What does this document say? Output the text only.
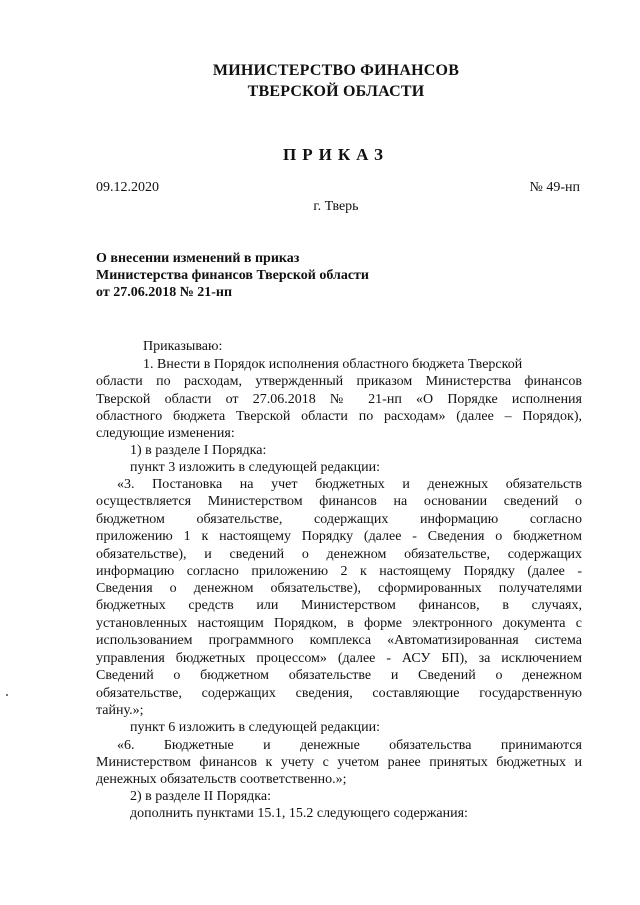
МИНИСТЕРСТВО ФИНАНСОВ
ТВЕРСКОЙ ОБЛАСТИ
ПРИКАЗ
09.12.2020	№ 49-нп
г. Тверь
О внесении изменений в приказ
Министерства финансов Тверской области
от 27.06.2018 № 21-нп
Приказываю:
1. Внести в Порядок исполнения областного бюджета Тверской
области по расходам, утвержденный приказом Министерства финансов
Тверской области от 27.06.2018 № 21-нп «О Порядке исполнения
областного бюджета Тверской области по расходам» (далее – Порядок),
следующие изменения:
1) в разделе I Порядка:
пункт 3 изложить в следующей редакции:
«3. Постановка на учет бюджетных и денежных обязательств
осуществляется Министерством финансов на основании сведений о
бюджетном обязательстве, содержащих информацию согласно
приложению 1 к настоящему Порядку (далее - Сведения о бюджетном
обязательстве), и сведений о денежном обязательстве, содержащих
информацию согласно приложению 2 к настоящему Порядку (далее -
Сведения о денежном обязательстве), сформированных получателями
бюджетных средств или Министерством финансов, в случаях,
установленных настоящим Порядком, в форме электронного документа с
использованием программного комплекса «Автоматизированная система
управления бюджетных процессом» (далее - АСУ БП), за исключением
Сведений о бюджетном обязательстве и Сведений о денежном
обязательстве, содержащих сведения, составляющие государственную
тайну.»;
пункт 6 изложить в следующей редакции:
«6. Бюджетные и денежные обязательства принимаются
Министерством финансов к учету с учетом ранее принятых бюджетных и
денежных обязательств соответственно.»;
2) в разделе II Порядка:
дополнить пунктами 15.1, 15.2 следующего содержания:
